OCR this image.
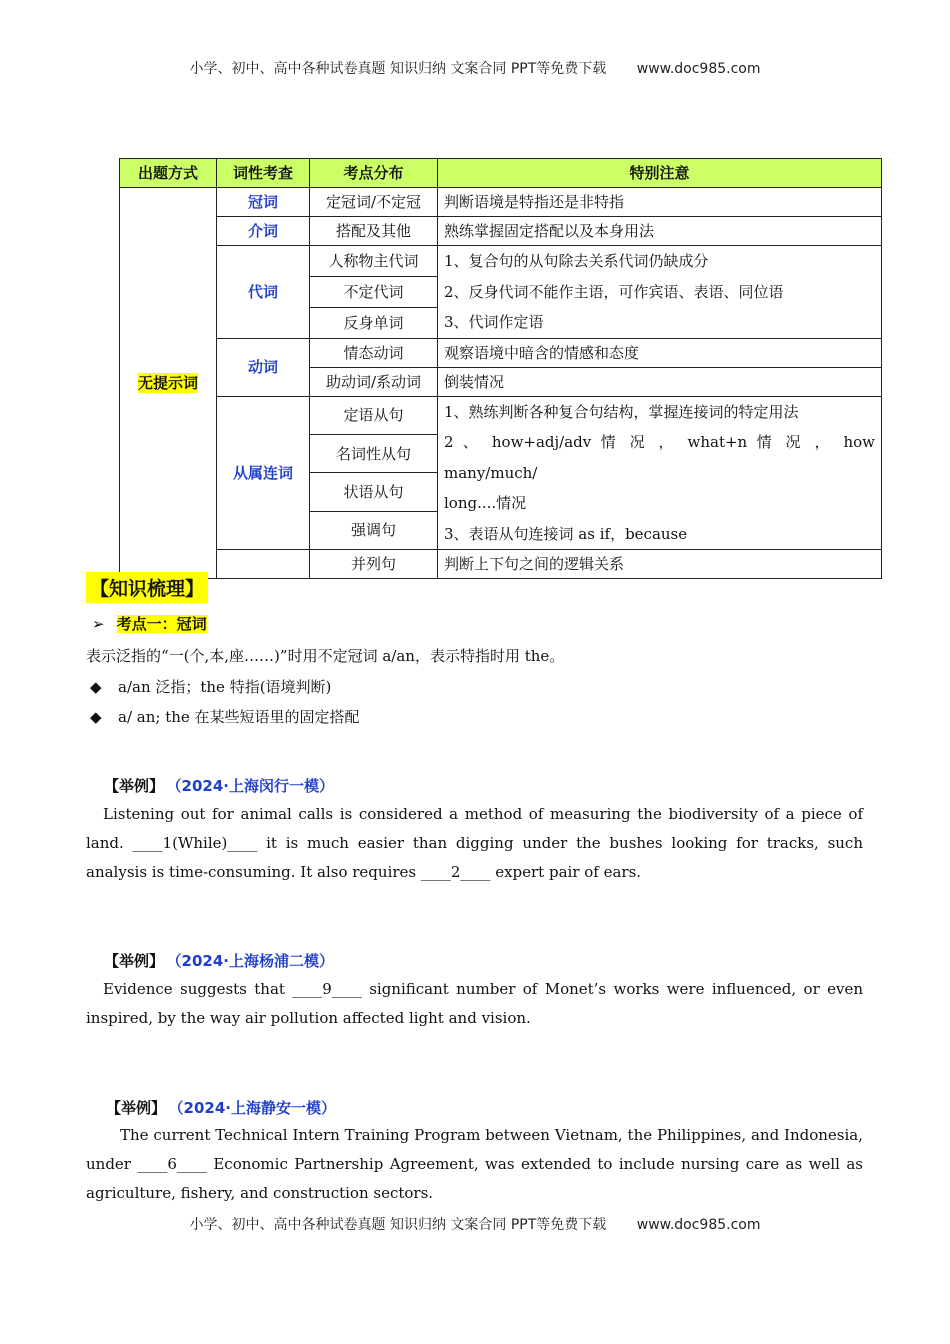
小学、初中、高中各种试卷真题 知识归纳 文案合同 PPT等免费下载 www.doc985.com
出题方式	词性考查	考点分布	特别注意
无提示词	冠词	定冠词/不定冠	判断语境是特指还是非特指
	介词	搭配及其他	熟练掌握固定搭配以及本身用法
	代词	人称物主代词	1、复合句的从句除去关系代词仍缺成分
2、反身代词不能作主语，可作宾语、表语、同位语
3、代词作定语

		不定代词	
		反身单词	
	动词	情态动词	观察语境中暗含的情感和态度
		助动词/系动词	倒装情况
	从属连词	定语从句	1、熟练判断各种复合句结构，掌握连接词的特定用法
2 、 how+adj/adv 情 况 ， what+n 情 况 ， how many/much/
long....情况
3、表语从句连接词 as if，because

		名词性从句	
		状语从句	
		强调句	
		并列句	判断上下句之间的逻辑关系
【知识梳理】
➢ 考点一：冠词
表示泛指的“一(个,本,座……)”时用不定冠词 a/an，表示特指时用 the。
◆ a/an 泛指；the 特指(语境判断)
◆ a/ an; the 在某些短语里的固定搭配
【举例】 （2024·上海闵行一模）
Listening out for animal calls is considered a method of measuring the biodiversity of a piece of land. ____1(While)____ it is much easier than digging under the bushes looking for tracks, such analysis is time-consuming. It also requires ____2____ expert pair of ears.
【举例】 （2024·上海杨浦二模）
Evidence suggests that ____9____ significant number of Monet’s works were influenced, or even inspired, by the way air pollution affected light and vision.
【举例】 （2024·上海静安一模）
The current Technical Intern Training Program between Vietnam, the Philippines, and Indonesia, under ____6____ Economic Partnership Agreement, was extended to include nursing care as well as agriculture, fishery, and construction sectors.
小学、初中、高中各种试卷真题 知识归纳 文案合同 PPT等免费下载 www.doc985.com
